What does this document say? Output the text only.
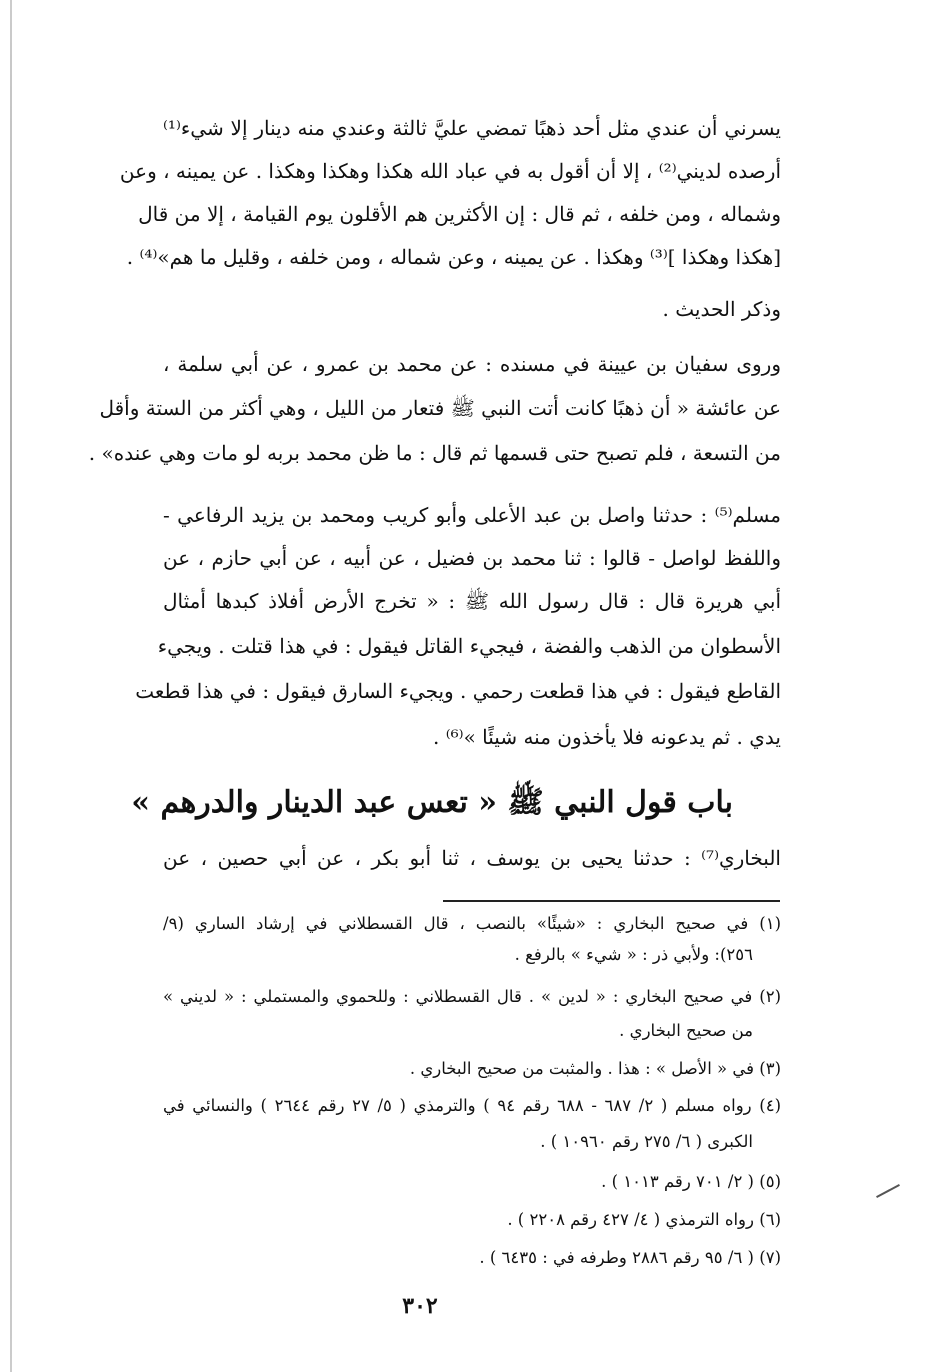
يسرني أن عندي مثل أحد ذهبًا تمضي عليَّ ثالثة وعندي منه دينار إلا شيء⁽¹⁾
أرصده لديني⁽²⁾ ، إلا أن أقول به في عباد الله هكذا وهكذا وهكذا . عن يمينه ، وعن
وشماله ، ومن خلفه ، ثم قال : إن الأكثرين هم الأقلون يوم القيامة ، إلا من قال
[هكذا وهكذا ]⁽³⁾ وهكذا . عن يمينه ، وعن شماله ، ومن خلفه ، وقليل ما هم»⁽⁴⁾ .
وذكر الحديث .
وروى سفيان بن عيينة في مسنده : عن محمد بن عمرو ، عن أبي سلمة ،
عن عائشة « أن ذهبًا كانت أتت النبي ﷺ فتعار من الليل ، وهي أكثر من الستة وأقل
من التسعة ، فلم تصبح حتى قسمها ثم قال : ما ظن محمد بربه لو مات وهي عنده» .
مسلم⁽⁵⁾ : حدثنا واصل بن عبد الأعلى وأبو كريب ومحمد بن يزيد الرفاعي -
واللفظ لواصل - قالوا : ثنا محمد بن فضيل ، عن أبيه ، عن أبي حازم ، عن
أبي هريرة قال : قال رسول الله ﷺ : « تخرج الأرض أفلاذ كبدها أمثال
الأسطوان من الذهب والفضة ، فيجيء القاتل فيقول : في هذا قتلت . ويجيء
القاطع فيقول : في هذا قطعت رحمي . ويجيء السارق فيقول : في هذا قطعت
يدي . ثم يدعونه فلا يأخذون منه شيئًا »⁽⁶⁾ .
باب قول النبي ﷺ « تعس عبد الدينار والدرهم »
البخاري⁽⁷⁾ : حدثنا يحيى بن يوسف ، ثنا أبو بكر ، عن أبي حصين ، عن
(١) في صحيح البخاري : «شيئًا» بالنصب ، قال القسطلاني في إرشاد الساري (٩/
٢٥٦): ولأبي ذر : « شيء » بالرفع .
(٢) في صحيح البخاري : « لدين » . قال القسطلاني : وللحموي والمستملي : « لديني »
من صحيح البخاري .
(٣) في « الأصل » : هذا . والمثبت من صحيح البخاري .
(٤) رواه مسلم ( ٢/ ٦٨٧ - ٦٨٨ رقم ٩٤ ) والترمذي ( ٥/ ٢٧ رقم ٢٦٤٤ ) والنسائي في
الكبرى ( ٦/ ٢٧٥ رقم ١٠٩٦٠ ) .
(٥) ( ٢/ ٧٠١ رقم ١٠١٣ ) .
(٦) رواه الترمذي ( ٤/ ٤٢٧ رقم ٢٢٠٨ ) .
(٧) ( ٦/ ٩٥ رقم ٢٨٨٦ وطرفه في : ٦٤٣٥ ) .
٣٠٢
